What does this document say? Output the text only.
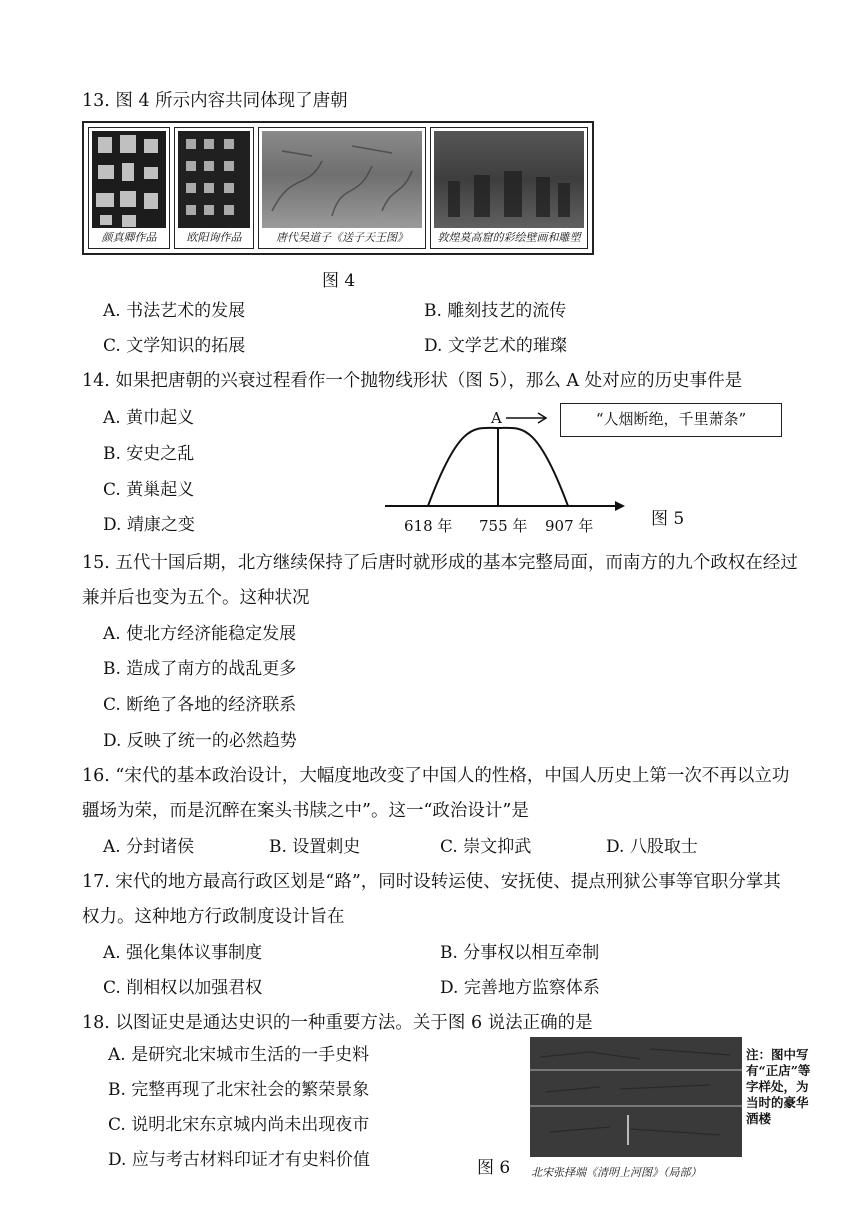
13. 图 4 所示内容共同体现了唐朝
颜真卿作品	欧阳询作品	唐代吴道子《送子天王图》	敦煌莫高窟的彩绘壁画和雕塑
图 4
A. 书法艺术的发展	B. 雕刻技艺的流传
C. 文学知识的拓展	D. 文学艺术的璀璨
14. 如果把唐朝的兴衰过程看作一个抛物线形状（图 5），那么 A 处对应的历史事件是
A. 黄巾起义
B. 安史之乱
C. 黄巢起义
D. 靖康之变
A	“人烟断绝，千里萧条”
618 年 755 年 907 年	图 5
15. 五代十国后期，北方继续保持了后唐时就形成的基本完整局面，而南方的九个政权在经过
兼并后也变为五个。这种状况
A. 使北方经济能稳定发展
B. 造成了南方的战乱更多
C. 断绝了各地的经济联系
D. 反映了统一的必然趋势
16. “宋代的基本政治设计，大幅度地改变了中国人的性格，中国人历史上第一次不再以立功
疆场为荣，而是沉醉在案头书牍之中”。这一“政治设计”是
A. 分封诸侯	B. 设置刺史	C. 崇文抑武	D. 八股取士
17. 宋代的地方最高行政区划是“路”，同时设转运使、安抚使、提点刑狱公事等官职分掌其
权力。这种地方行政制度设计旨在
A. 强化集体议事制度	B. 分事权以相互牵制
C. 削相权以加强君权	D. 完善地方监察体系
18. 以图证史是通达史识的一种重要方法。关于图 6 说法正确的是
A. 是研究北宋城市生活的一手史料
B. 完整再现了北宋社会的繁荣景象
C. 说明北宋东京城内尚未出现夜市
D. 应与考古材料印证才有史料价值
注：图中写有“正店”等字样处，为当时的豪华酒楼
图 6 北宋张择端《清明上河图》（局部）
